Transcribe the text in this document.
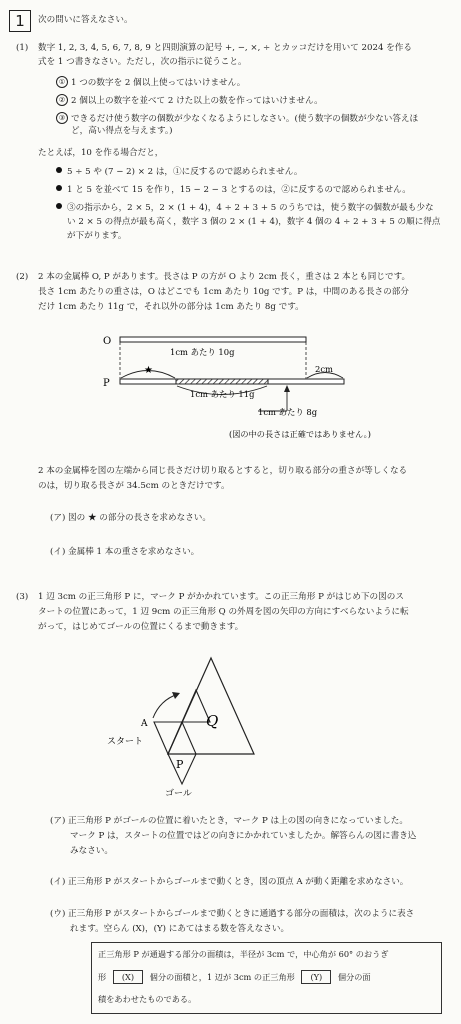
1 次の問いに答えなさい。
(1) 数字 1, 2, 3, 4, 5, 6, 7, 8, 9 と四則演算の記号 +, −, ×, ÷ とカッコだけを用いて 2024 を作る
式を 1 つ書きなさい。ただし，次の指示に従うこと。
① 1 つの数字を 2 個以上使ってはいけません。
② 2 個以上の数字を並べて 2 けた以上の数を作ってはいけません。
③ できるだけ使う数字の個数が少なくなるようにしなさい。(使う数字の個数が少ない答えほ
ど，高い得点を与えます。)
たとえば，10 を作る場合だと，
5 ÷ 5 や (7 − 2) × 2 は，①に反するので認められません。
1 と 5 を並べて 15 を作り，15 − 2 − 3 とするのは，②に反するので認められません。
③の指示から，2 × 5，2 × (1 + 4)，4 ÷ 2 + 3 + 5 のうちでは，使う数字の個数が最も少な
い 2 × 5 の得点が最も高く，数字 3 個の 2 × (1 + 4)，数字 4 個の 4 ÷ 2 + 3 + 5 の順に得点
が下がります。
(2) 2 本の金属棒 O, P があります。長さは P の方が O より 2cm 長く，重さは 2 本とも同じです。
長さ 1cm あたりの重さは，O はどこでも 1cm あたり 10g です。P は，中間のある長さの部分
だけ 1cm あたり 11g で，それ以外の部分は 1cm あたり 8g です。
O
1cm あたり 10g
P
★	2cm
1cm あたり 11g
1cm あたり 8g
(図の中の長さは正確ではありません。)
2 本の金属棒を図の左端から同じ長さだけ切り取るとすると，切り取る部分の重さが等しくなる
のは，切り取る長さが 34.5cm のときだけです。
(ア) 図の ★ の部分の長さを求めなさい。
(イ) 金属棒 1 本の重さを求めなさい。
(3) 1 辺 3cm の正三角形 P に，マーク P がかかれています。この正三角形 P がはじめ下の図のス
タートの位置にあって，1 辺 9cm の正三角形 Q の外周を図の矢印の方向にすべらないように転
がって，はじめてゴールの位置にくるまで動きます。
Q
P
A
スタート
ゴール
(ア) 正三角形 P がゴールの位置に着いたとき，マーク P は上の図の向きになっていました。
マーク P は，スタートの位置ではどの向きにかかれていましたか。解答らんの図に書き込
みなさい。
(イ) 正三角形 P がスタートからゴールまで動くとき，図の頂点 A が動く距離を求めなさい。
(ウ) 正三角形 P がスタートからゴールまで動くときに通過する部分の面積は，次のように表さ
れます。空らん (X)，(Y) にあてはまる数を答えなさい。
正三角形 P が通過する部分の面積は，半径が 3cm で，中心角が 60° のおうぎ
形 (X) 個分の面積と，1 辺が 3cm の正三角形 (Y) 個分の面
積をあわせたものである。
